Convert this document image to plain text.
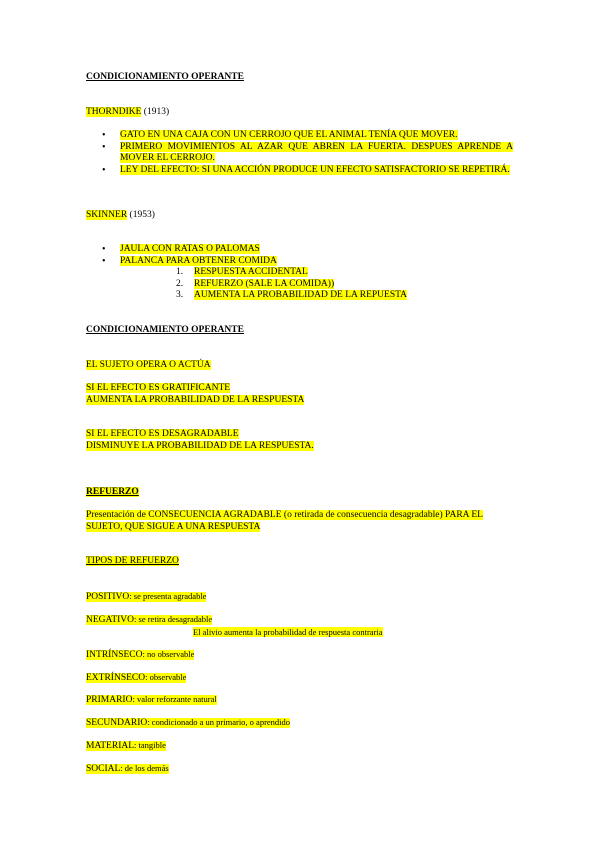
CONDICIONAMIENTO OPERANTE
THORNDIKE (1913)
• GATO EN UNA CAJA CON UN CERROJO QUE EL ANIMAL TENÍA QUE MOVER.
• PRIMERO MOVIMIENTOS AL AZAR QUE ABREN LA FUERTA. DESPUES APRENDE A MOVER EL CERROJO.
• LEY DEL EFECTO: SI UNA ACCIÓN PRODUCE UN EFECTO SATISFACTORIO SE REPETIRÁ.
SKINNER (1953)
• JAULA CON RATAS O PALOMAS
• PALANCA PARA OBTENER COMIDA
1. RESPUESTA ACCIDENTAL
2. REFUERZO (SALE LA COMIDA))
3. AUMENTA LA PROBABILIDAD DE LA REPUESTA
CONDICIONAMIENTO OPERANTE
EL SUJETO OPERA O ACTÚA
SI EL EFECTO ES GRATIFICANTE
AUMENTA LA PROBABILIDAD DE LA RESPUESTA
SI EL EFECTO ES DESAGRADABLE
DISMINUYE LA PROBABILIDAD DE LA RESPUESTA.
REFUERZO
Presentación de CONSECUENCIA AGRADABLE (o retirada de consecuencia desagradable) PARA EL
SUJETO, QUE SIGUE A UNA RESPUESTA
TIPOS DE REFUERZO
POSITIVO: se presenta agradable
NEGATIVO: se retira desagradable
El alivio aumenta la probabilidad de respuesta contraria
INTRÍNSECO: no observable
EXTRÍNSECO: observable
PRIMARIO: valor reforzante natural
SECUNDARIO: condicionado a un primario, o aprendido
MATERIAL: tangible
SOCIAL: de los demás
